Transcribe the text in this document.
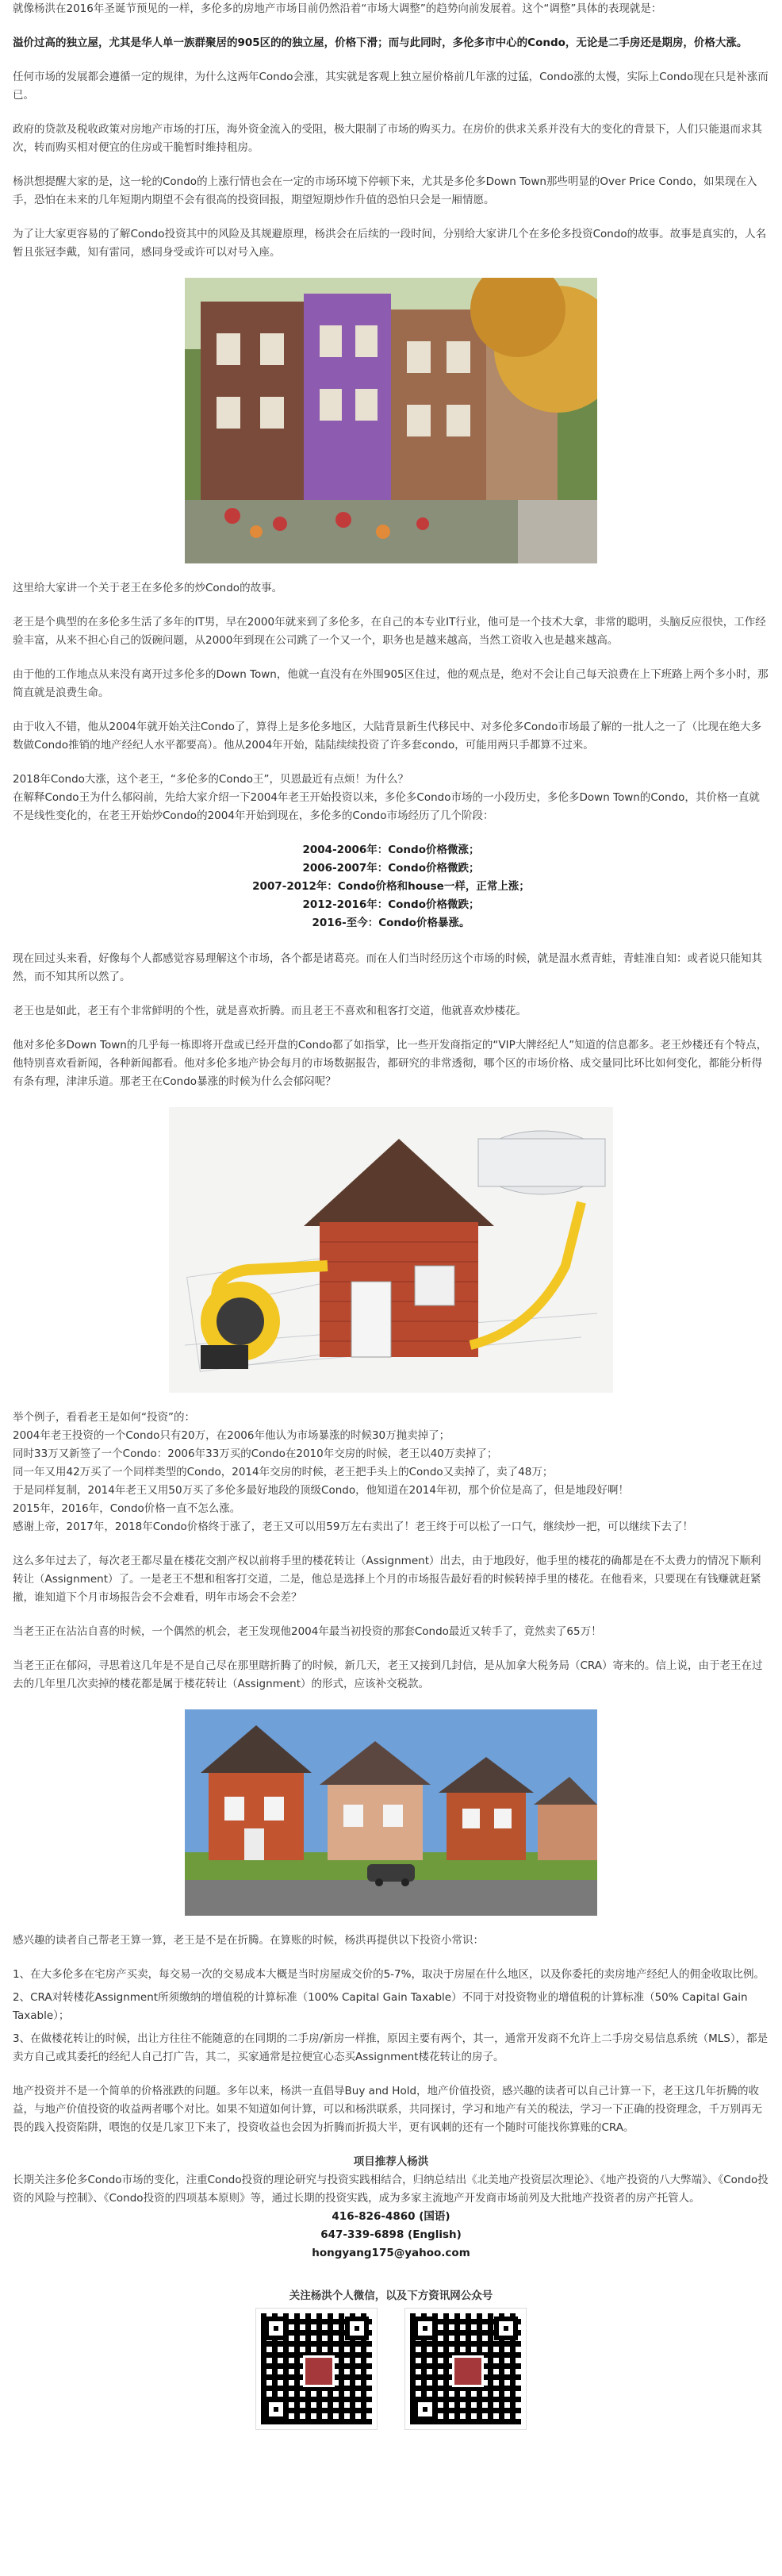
就像杨洪在2016年圣诞节预见的一样，多伦多的房地产市场目前仍然沿着“市场大调整”的趋势向前发展着。这个“调整”具体的表现就是：

溢价过高的独立屋，尤其是华人单一族群聚居的905区的的独立屋，价格下滑；而与此同时，多伦多市中心的Condo，无论是二手房还是期房，价格大涨。

任何市场的发展都会遵循一定的规律，为什么这两年Condo会涨，其实就是客观上独立屋价格前几年涨的过猛，Condo涨的太慢，实际上Condo现在只是补涨而已。

政府的贷款及税收政策对房地产市场的打压，海外资金流入的受阻，极大限制了市场的购买力。在房价的供求关系并没有大的变化的背景下，人们只能退而求其次，转而购买相对便宜的住房或干脆暂时维持租房。

杨洪想提醒大家的是，这一轮的Condo的上涨行情也会在一定的市场环境下停顿下来，尤其是多伦多Down Town那些明显的Over Price Condo，如果现在入手，恐怕在未来的几年短期内期望不会有很高的投资回报，期望短期炒作升值的恐怕只会是一厢情愿。

为了让大家更容易的了解Condo投资其中的风险及其规避原理，杨洪会在后续的一段时间，分别给大家讲几个在多伦多投资Condo的故事。故事是真实的，人名暂且张冠李戴，知有雷同，感同身受或许可以对号入座。

这里给大家讲一个关于老王在多伦多的炒Condo的故事。

老王是个典型的在多伦多生活了多年的IT男，早在2000年就来到了多伦多，在自己的本专业IT行业，他可是一个技术大拿，非常的聪明，头脑反应很快，工作经验丰富，从来不担心自己的饭碗问题，从2000年到现在公司跳了一个又一个，职务也是越来越高，当然工资收入也是越来越高。

由于他的工作地点从来没有离开过多伦多的Down Town，他就一直没有在外围905区住过，他的观点是，绝对不会让自己每天浪费在上下班路上两个多小时，那简直就是浪费生命。

由于收入不错，他从2004年就开始关注Condo了，算得上是多伦多地区，大陆背景新生代移民中、对多伦多Condo市场最了解的一批人之一了（比现在绝大多数做Condo推销的地产经纪人水平都要高）。他从2004年开始，陆陆续续投资了许多套condo，可能用两只手都算不过来。

2018年Condo大涨，这个老王，“多伦多的Condo王”，贝恩最近有点烦！为什么？

在解释Condo王为什么郁闷前，先给大家介绍一下2004年老王开始投资以来，多伦多Condo市场的一小段历史，多伦多Down Town的Condo，其价格一直就不是线性变化的，在老王开始炒Condo的2004年开始到现在，多伦多的Condo市场经历了几个阶段：

2004-2006年：Condo价格微涨；
2006-2007年：Condo价格微跌；
2007-2012年：Condo价格和house一样，正常上涨；
2012-2016年：Condo价格微跌；
2016-至今：Condo价格暴涨。

现在回过头来看，好像每个人都感觉容易理解这个市场，各个都是诸葛亮。而在人们当时经历这个市场的时候，就是温水煮青蛙，青蛙准自知：或者说只能知其然，而不知其所以然了。

老王也是如此，老王有个非常鲜明的个性，就是喜欢折腾。而且老王不喜欢和租客打交道，他就喜欢炒楼花。

他对多伦多Down Town的几乎每一栋即将开盘或已经开盘的Condo都了如指掌，比一些开发商指定的“VIP大牌经纪人”知道的信息都多。老王炒楼还有个特点，他特别喜欢看新闻，各种新闻都看。他对多伦多地产协会每月的市场数据报告，都研究的非常透彻，哪个区的市场价格、成交量同比环比如何变化，都能分析得有条有理，津津乐道。那老王在Condo暴涨的时候为什么会郁闷呢？

举个例子，看看老王是如何“投资”的：
2004年老王投资的一个Condo只有20万，在2006年他认为市场暴涨的时候30万抛卖掉了；
同时33万又新签了一个Condo：2006年33万买的Condo在2010年交房的时候，老王以40万卖掉了；
同一年又用42万买了一个同样类型的Condo，2014年交房的时候，老王把手头上的Condo又卖掉了，卖了48万；
于是同样复制，2014年老王又用50万买了多伦多最好地段的顶级Condo，他知道在2014年初，那个价位是高了，但是地段好啊！
2015年，2016年，Condo价格一直不怎么涨。
感谢上帝，2017年，2018年Condo价格终于涨了，老王又可以用59万左右卖出了！老王终于可以松了一口气，继续炒一把，可以继续下去了！

这么多年过去了，每次老王都尽量在楼花交割产权以前将手里的楼花转让（Assignment）出去，由于地段好，他手里的楼花的确都是在不太费力的情况下顺利转让（Assignment）了。一是老王不想和租客打交道，二是，他总是选择上个月的市场报告最好看的时候转掉手里的楼花。在他看来，只要现在有钱赚就赶紧撤，谁知道下个月市场报告会不会难看，明年市场会不会差？

当老王正在沾沾自喜的时候，一个偶然的机会，老王发现他2004年最当初投资的那套Condo最近又转手了，竟然卖了65万！

当老王正在郁闷，寻思着这几年是不是自己尽在那里瞎折腾了的时候，新几天，老王又接到几封信，是从加拿大税务局（CRA）寄来的。信上说，由于老王在过去的几年里几次卖掉的楼花都是属于楼花转让（Assignment）的形式，应该补交税款。

感兴趣的读者自己帮老王算一算，老王是不是在折腾。在算账的时候，杨洪再提供以下投资小常识：

1、在大多伦多在宅房产买卖，每交易一次的交易成本大概是当时房屋成交价的5-7%，取决于房屋在什么地区，以及你委托的卖房地产经纪人的佣金收取比例。

2、CRA对转楼花Assignment所须缴纳的增值税的计算标准（100% Capital Gain Taxable）不同于对投资物业的增值税的计算标准（50% Capital Gain Taxable）；

3、在做楼花转让的时候，出让方往往不能随意的在同期的二手房/新房一样推，原因主要有两个，其一，通常开发商不允许上二手房交易信息系统（MLS），都是卖方自己或其委托的经纪人自己打广告，其二，买家通常是拉便宜心态买Assignment楼花转让的房子。

地产投资并不是一个简单的价格涨跌的问题。多年以来，杨洪一直倡导Buy and Hold，地产价值投资，感兴趣的读者可以自己计算一下，老王这几年折腾的收益，与地产价值投资的收益两者哪个对比。如果不知道如何计算，可以和杨洪联系，共同探讨，学习和地产有关的税法，学习一下正确的投资理念，千万别再无畏的践入投资陷阱，喂饱的仅是几家卫下来了，投资收益也会因为折腾而折损大半，更有讽刺的还有一个随时可能找你算账的CRA。

项目推荐人杨洪
长期关注多伦多Condo市场的变化，注重Condo投资的理论研究与投资实践相结合，归纳总结出《北美地产投资层次理论》、《地产投资的八大弊端》、《Condo投资的风险与控制》、《Condo投资的四项基本原则》等，通过长期的投资实践，成为多家主流地产开发商市场前列及大批地产投资者的房产托管人。
416-826-4860 (国语)
647-339-6898 (English)
hongyang175@yahoo.com
关注杨洪个人微信，以及下方资讯网公众号
